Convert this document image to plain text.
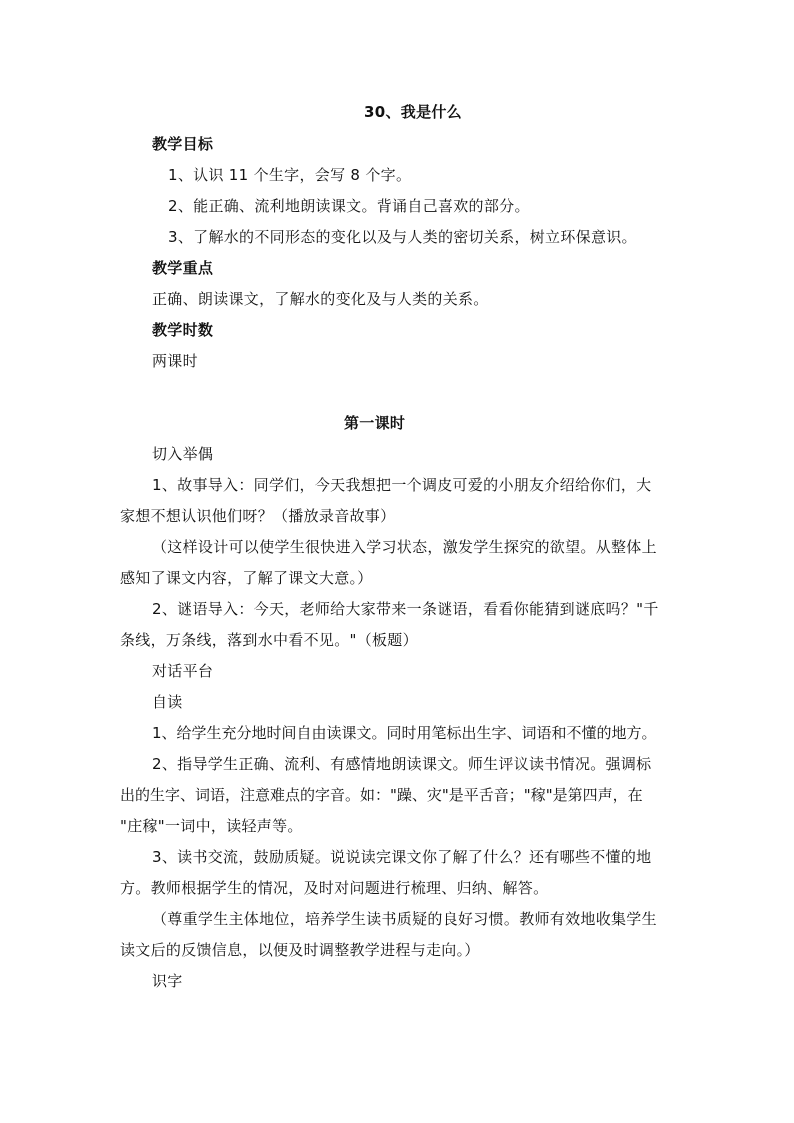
30、我是什么
教学目标
1、认识 11 个生字，会写 8 个字。
2、能正确、流利地朗读课文。背诵自己喜欢的部分。
3、了解水的不同形态的变化以及与人类的密切关系，树立环保意识。
教学重点
正确、朗读课文，了解水的变化及与人类的关系。
教学时数
两课时
第一课时
切入举偶
1、故事导入：同学们，今天我想把一个调皮可爱的小朋友介绍给你们，大
家想不想认识他们呀？（播放录音故事）
（这样设计可以使学生很快进入学习状态，激发学生探究的欲望。从整体上
感知了课文内容，了解了课文大意。）
2、谜语导入：今天，老师给大家带来一条谜语，看看你能猜到谜底吗？"千
条线，万条线，落到水中看不见。"（板题）
对话平台
自读
1、给学生充分地时间自由读课文。同时用笔标出生字、词语和不懂的地方。
2、指导学生正确、流利、有感情地朗读课文。师生评议读书情况。强调标
出的生字、词语，注意难点的字音。如："躁、灾"是平舌音；"稼"是第四声，在
"庄稼"一词中，读轻声等。
3、读书交流，鼓励质疑。说说读完课文你了解了什么？还有哪些不懂的地
方。教师根据学生的情况，及时对问题进行梳理、归纳、解答。
（尊重学生主体地位，培养学生读书质疑的良好习惯。教师有效地收集学生
读文后的反馈信息，以便及时调整教学进程与走向。）
识字
